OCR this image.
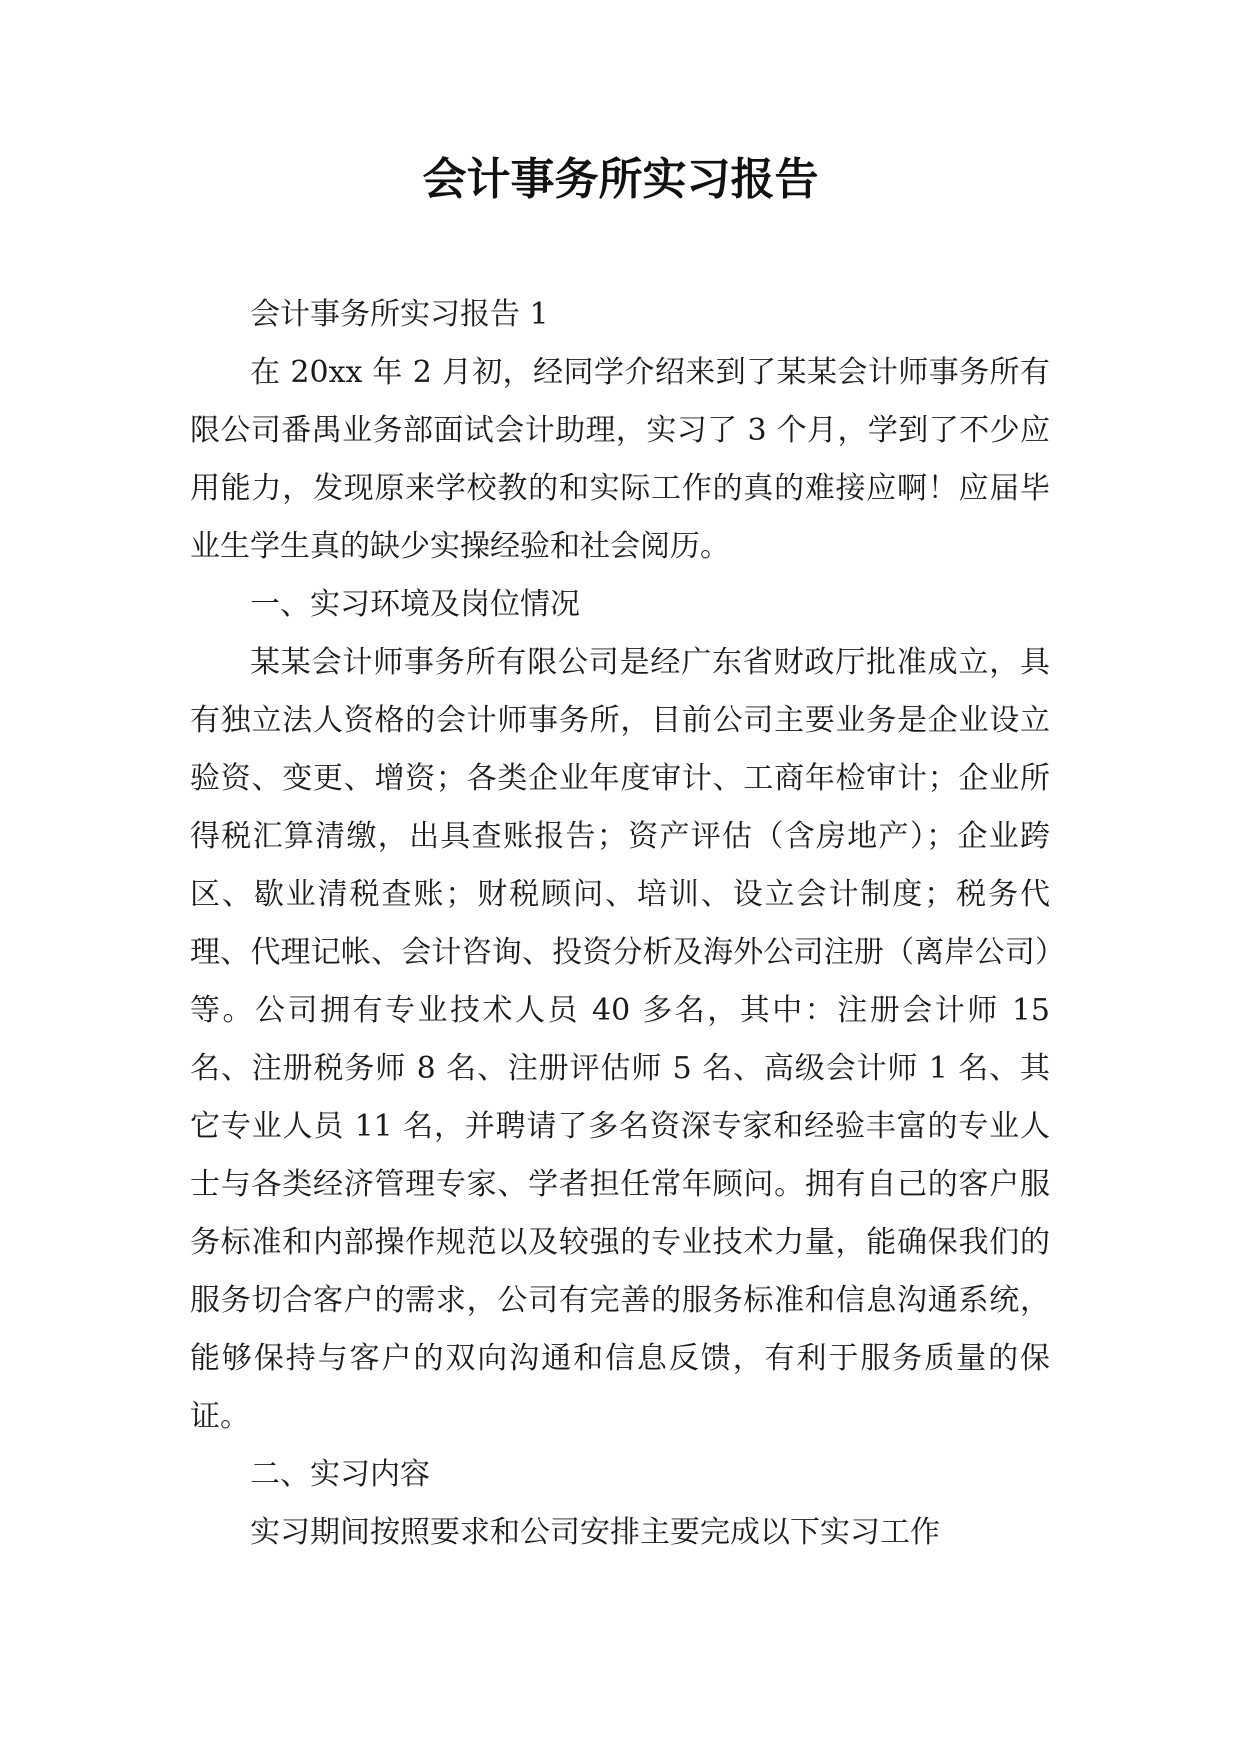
会计事务所实习报告

会计事务所实习报告 1

在 20xx 年 2 月初，经同学介绍来到了某某会计师事务所有限公司番禺业务部面试会计助理，实习了 3 个月，学到了不少应用能力，发现原来学校教的和实际工作的真的难接应啊！应届毕业生学生真的缺少实操经验和社会阅历。

一、实习环境及岗位情况

某某会计师事务所有限公司是经广东省财政厅批准成立，具有独立法人资格的会计师事务所，目前公司主要业务是企业设立验资、变更、增资；各类企业年度审计、工商年检审计；企业所得税汇算清缴，出具查账报告；资产评估（含房地产）；企业跨区、歇业清税查账；财税顾问、培训、设立会计制度；税务代理、代理记帐、会计咨询、投资分析及海外公司注册（离岸公司）等。公司拥有专业技术人员 40 多名，其中：注册会计师 15 名、注册税务师 8 名、注册评估师 5 名、高级会计师 1 名、其它专业人员 11 名，并聘请了多名资深专家和经验丰富的专业人士与各类经济管理专家、学者担任常年顾问。拥有自己的客户服务标准和内部操作规范以及较强的专业技术力量，能确保我们的服务切合客户的需求，公司有完善的服务标准和信息沟通系统，能够保持与客户的双向沟通和信息反馈，有利于服务质量的保证。

二、实习内容

实习期间按照要求和公司安排主要完成以下实习工作
